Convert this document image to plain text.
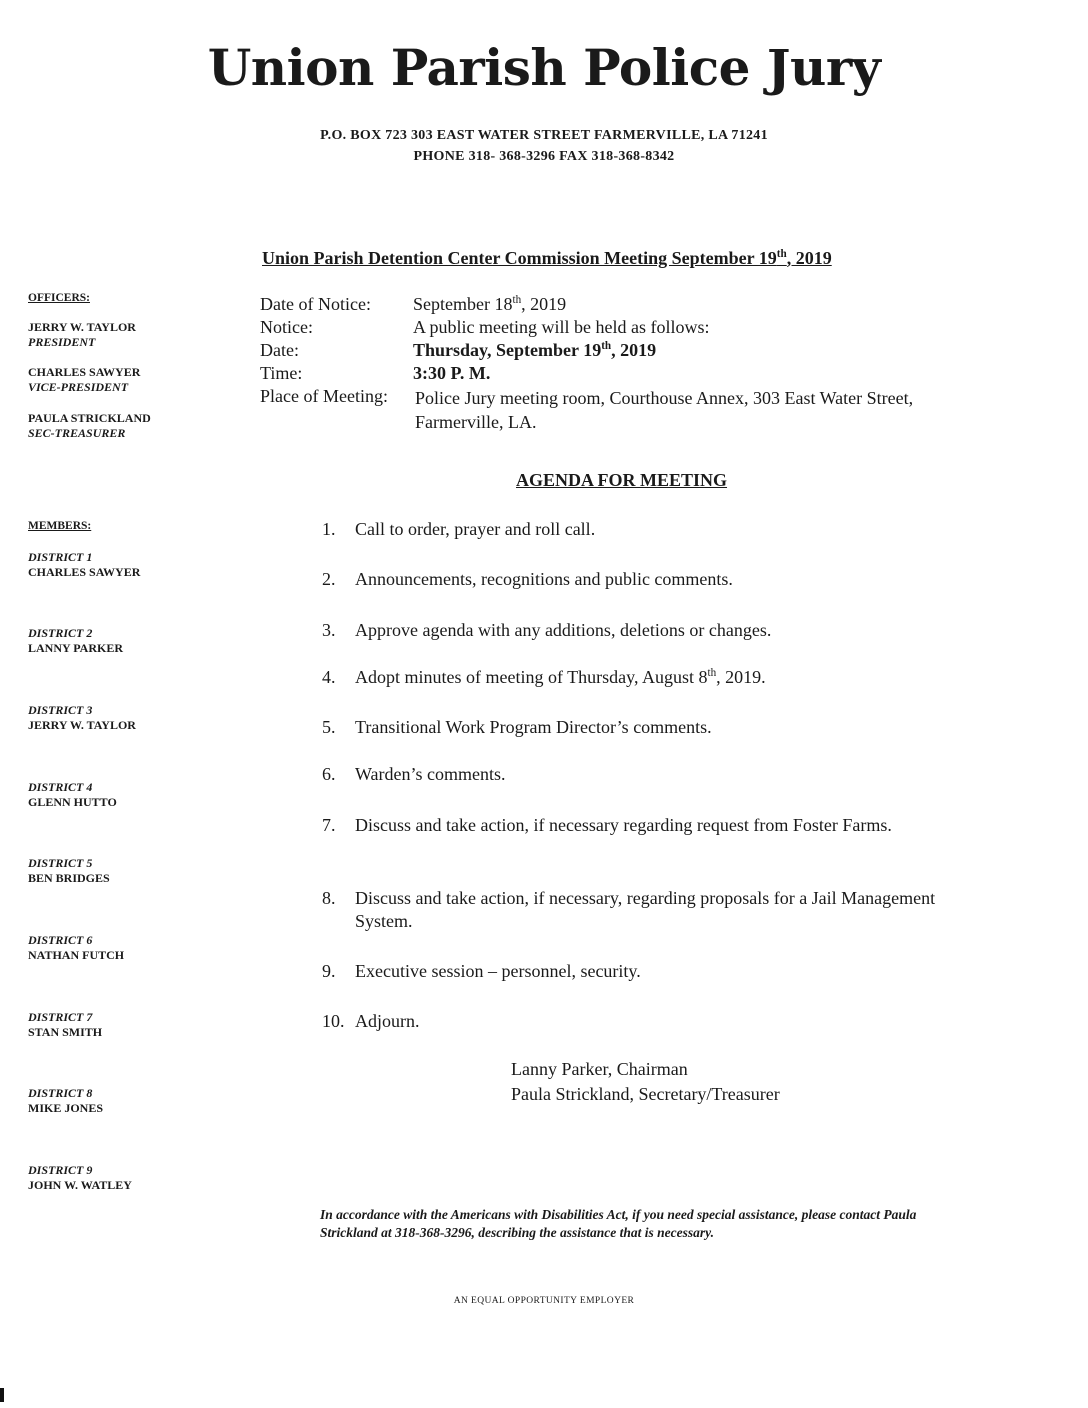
Union Parish Police Jury
P.O. BOX 723 303 EAST WATER STREET FARMERVILLE, LA 71241
PHONE 318- 368-3296 FAX 318-368-8342
Union Parish Detention Center Commission Meeting September 19th, 2019
OFFICERS:
JERRY W. TAYLOR
PRESIDENT
CHARLES SAWYER
VICE-PRESIDENT
PAULA STRICKLAND
SEC-TREASURER
MEMBERS:
DISTRICT 1
CHARLES SAWYER
DISTRICT 2
LANNY PARKER
DISTRICT 3
JERRY W. TAYLOR
DISTRICT 4
GLENN HUTTO
DISTRICT 5
BEN BRIDGES
DISTRICT 6
NATHAN FUTCH
DISTRICT 7
STAN SMITH
DISTRICT 8
MIKE JONES
DISTRICT 9
JOHN W. WATLEY
Date of Notice: September 18th, 2019
Notice:	A public meeting will be held as follows:
Date:	Thursday, September 19th, 2019
Time:	3:30 P. M.
Place of Meeting: Police Jury meeting room, Courthouse Annex, 303 East Water Street, Farmerville, LA.
AGENDA FOR MEETING
1. Call to order, prayer and roll call.
2. Announcements, recognitions and public comments.
3. Approve agenda with any additions, deletions or changes.
4. Adopt minutes of meeting of Thursday, August 8th, 2019.
5. Transitional Work Program Director’s comments.
6. Warden’s comments.
7. Discuss and take action, if necessary regarding request from Foster Farms.
8. Discuss and take action, if necessary, regarding proposals for a Jail Management System.
9. Executive session – personnel, security.
10. Adjourn.
Lanny Parker, Chairman
Paula Strickland, Secretary/Treasurer
In accordance with the Americans with Disabilities Act, if you need special assistance, please contact Paula Strickland at 318-368-3296, describing the assistance that is necessary.
AN EQUAL OPPORTUNITY EMPLOYER
